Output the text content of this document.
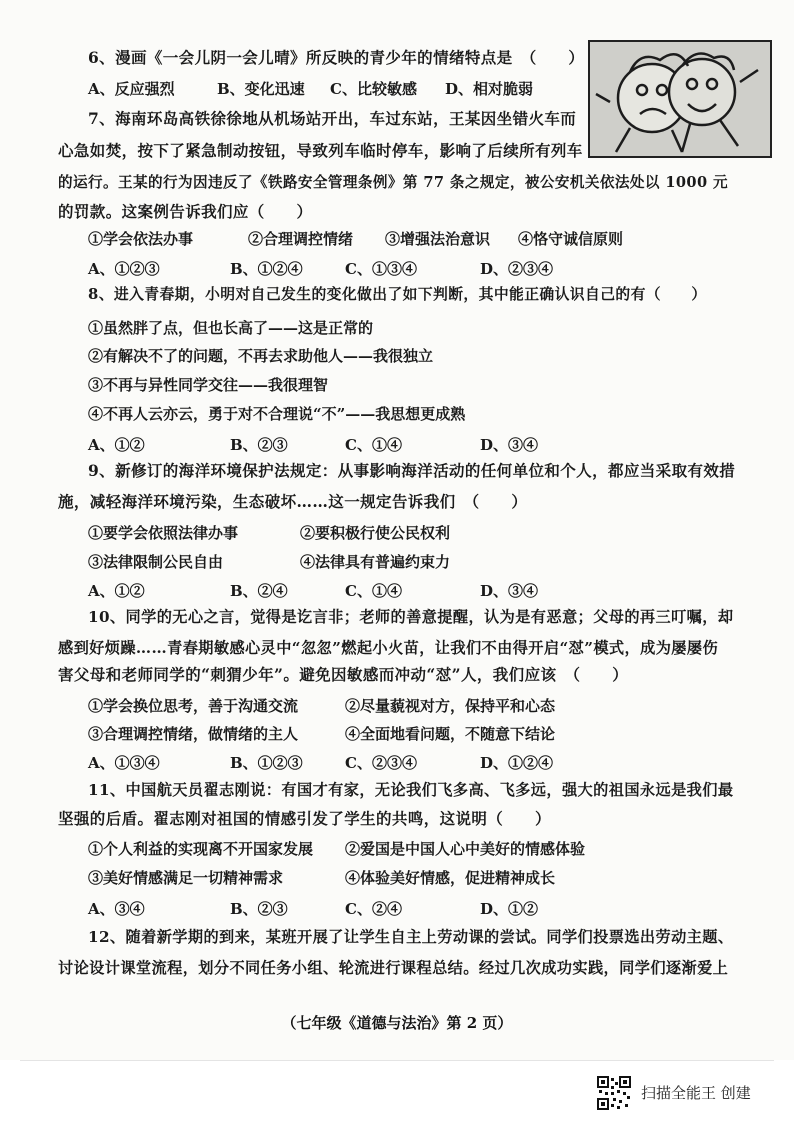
6、漫画《一会儿阴一会儿晴》所反映的青少年的情绪特点是　（　　）
A、反应强烈	B、变化迅速 C、比较敏感 D、相对脆弱
7、海南环岛高铁徐徐地从机场站开出，车过东站，王某因坐错火车而
心急如焚，按下了紧急制动按钮，导致列车临时停车，影响了后续所有列车
的运行。王某的行为因违反了《铁路安全管理条例》第 77 条之规定，被公安机关依法处以 1000 元
的罚款。这案例告诉我们应（　　）
①学会依法办事	②合理调控情绪 ③增强法治意识 ④恪守诚信原则
A、①②③	B、①②④	C、①③④	D、②③④
8、进入青春期，小明对自己发生的变化做出了如下判断，其中能正确认识自己的有（　　）
①虽然胖了点，但也长高了——这是正常的
②有解决不了的问题，不再去求助他人——我很独立
③不再与异性同学交往——我很理智
④不再人云亦云，勇于对不合理说“不”——我思想更成熟
A、①②	B、②③	C、①④	D、③④
9、新修订的海洋环境保护法规定：从事影响海洋活动的任何单位和个人，都应当采取有效措
施，减轻海洋环境污染，生态破坏……这一规定告诉我们　（　　）
①要学会依照法律办事	②要积极行使公民权利
③法律限制公民自由	④法律具有普遍约束力
A、①②	B、②④	C、①④	D、③④
10、同学的无心之言，觉得是讫言非；老师的善意提醒，认为是有恶意；父母的再三叮嘱，却
感到好烦躁……青春期敏感心灵中“忽忽”燃起小火苗，让我们不由得开启“怼”模式，成为屡屡伤
害父母和老师同学的“刺猬少年”。避免因敏感而冲动“怼”人，我们应该　（　　）
①学会换位思考，善于沟通交流	②尽量藐视对方，保持平和心态
③合理调控情绪，做情绪的主人	④全面地看问题，不随意下结论
A、①③④	B、①②③	C、②③④	D、①②④
11、中国航天员翟志刚说：有国才有家，无论我们飞多高、飞多远，强大的祖国永远是我们最
坚强的后盾。翟志刚对祖国的情感引发了学生的共鸣，这说明（　　）
①个人利益的实现离不开国家发展 ②爱国是中国人心中美好的情感体验
③美好情感满足一切精神需求	④体验美好情感，促进精神成长
A、③④	B、②③	C、②④	D、①②
12、随着新学期的到来，某班开展了让学生自主上劳动课的尝试。同学们投票选出劳动主题、
讨论设计课堂流程，划分不同任务小组、轮流进行课程总结。经过几次成功实践，同学们逐渐爱上
（七年级《道德与法治》第 2 页）
扫描全能王 创建
